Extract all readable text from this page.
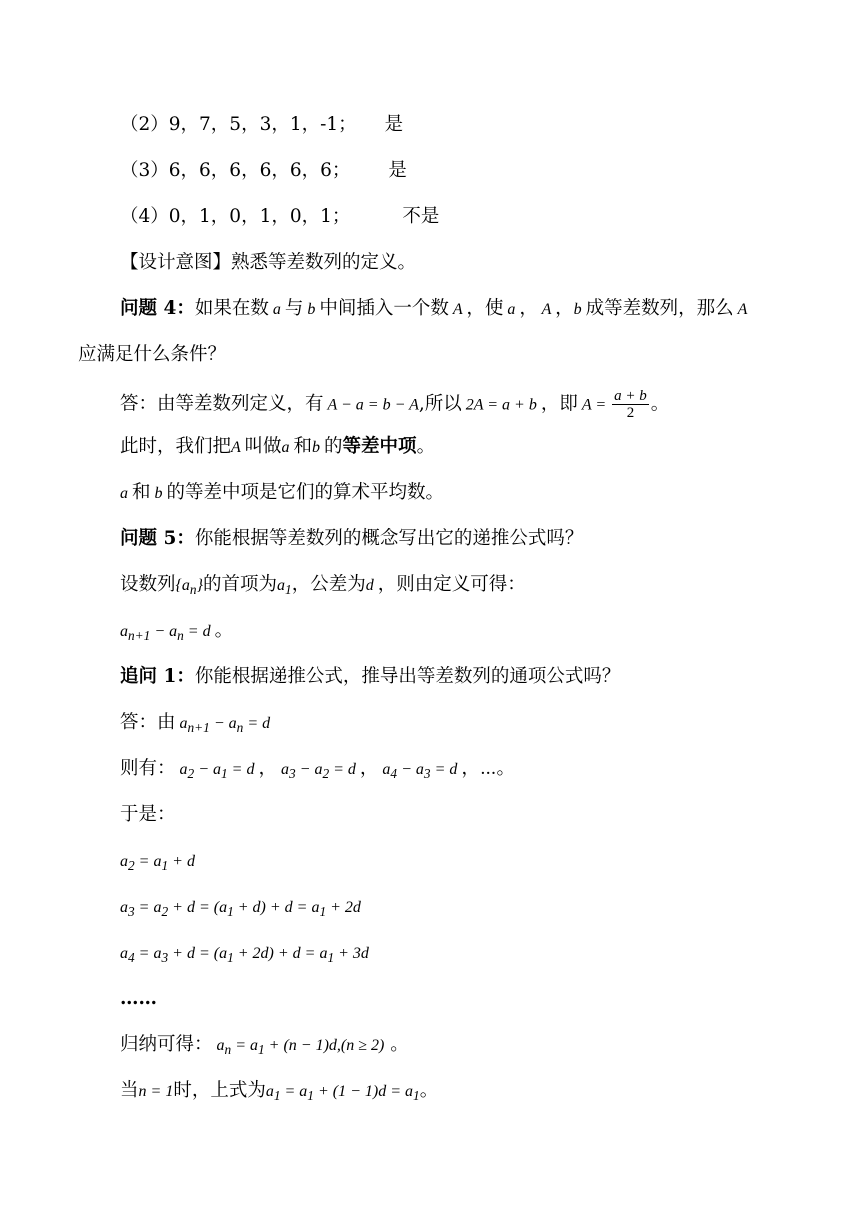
（2）9，7，5，3，1，-1； 是
（3）6，6，6，6，6，6； 是
（4）0，1，0，1，0，1；	不是
【设计意图】熟悉等差数列的定义。
问题 4：如果在数 a 与 b 中间插入一个数 A ，使 a ， A ，b 成等差数列，那么 A
应满足什么条件？
答：由等差数列定义，有 A − a = b − A,所以 2A = a + b ，即 $A = \frac{a + b}{2}$ 。
此时，我们把A 叫做a 和b 的等差中项。
a 和 b 的等差中项是它们的算术平均数。
问题 5：你能根据等差数列的概念写出它的递推公式吗？
设数列$\{a_n\}$的首项为$a_1$，公差为d ，则由定义可得：
$a_{n+1} - a_n = d$ 。
追问 1：你能根据递推公式，推导出等差数列的通项公式吗？
答：由 $a_{n+1} - a_n = d$
则有： $a_2 - a_1 = d$ ， $a_3 - a_2 = d$ ， $a_4 - a_3 = d$ ，⋯。
于是：
$a_2 = a_1 + d$
$a_3 = a_2 + d = (a_1 + d) + d = a_1 + 2d$
$a_4 = a_3 + d = (a_1 + 2d) + d = a_1 + 3d$
……
归纳可得： $a_n = a_1 + (n - 1)d,(n \ge 2)$ 。
当n = 1时，上式为$a_1 = a_1 + (1 - 1)d = a_1$。
